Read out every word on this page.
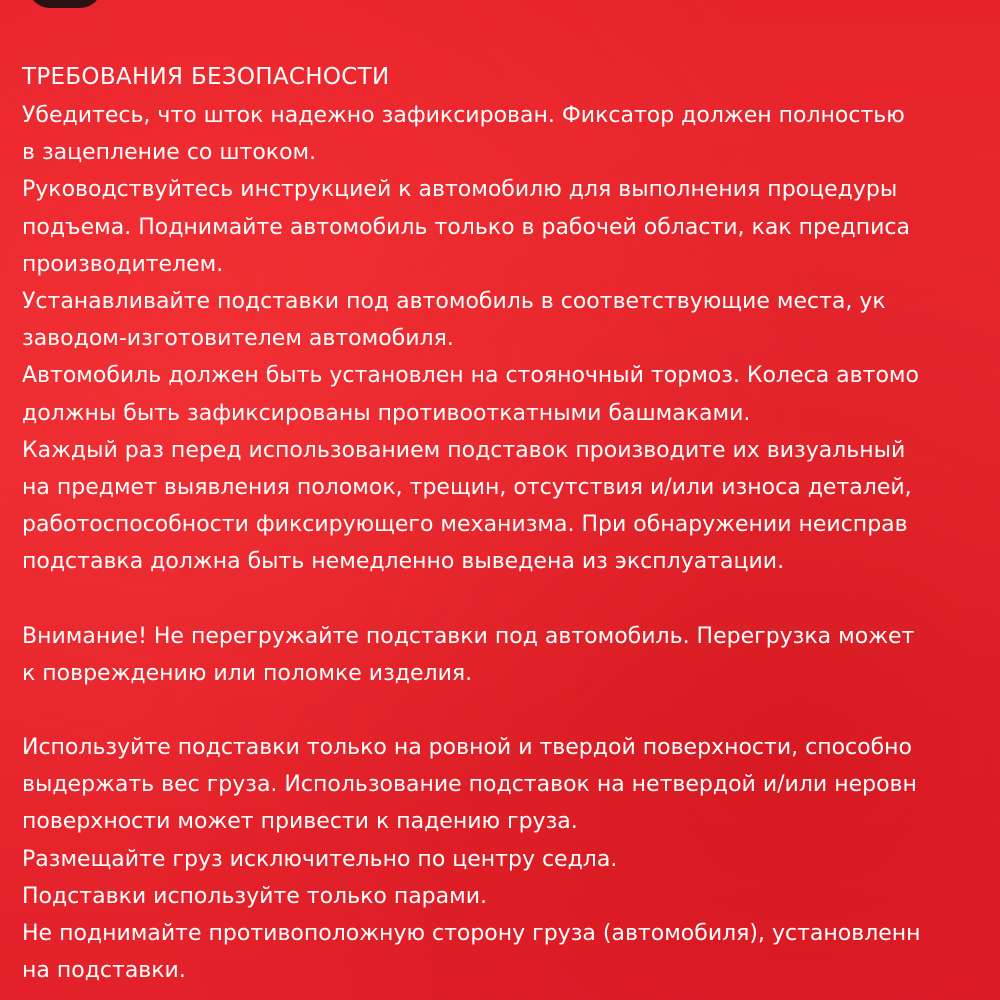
ТРЕБОВАНИЯ БЕЗОПАСНОСТИ
Убедитесь, что шток надежно зафиксирован. Фиксатор должен полностью
в зацепление со штоком.
Руководствуйтесь инструкцией к автомобилю для выполнения процедуры
подъема. Поднимайте автомобиль только в рабочей области, как предписа
производителем.
Устанавливайте подставки под автомобиль в соответствующие места, ук
заводом-изготовителем автомобиля.
Автомобиль должен быть установлен на стояночный тормоз. Колеса автомо
должны быть зафиксированы противооткатными башмаками.
Каждый раз перед использованием подставок производите их визуальный
на предмет выявления поломок, трещин, отсутствия и/или износа деталей,
работоспособности фиксирующего механизма. При обнаружении неисправ
подставка должна быть немедленно выведена из эксплуатации.
Внимание! Не перегружайте подставки под автомобиль. Перегрузка может
к повреждению или поломке изделия.
Используйте подставки только на ровной и твердой поверхности, способно
выдержать вес груза. Использование подставок на нетвердой и/или неровн
поверхности может привести к падению груза.
Размещайте груз исключительно по центру седла.
Подставки используйте только парами.
Не поднимайте противоположную сторону груза (автомобиля), установленн
на подставки.
